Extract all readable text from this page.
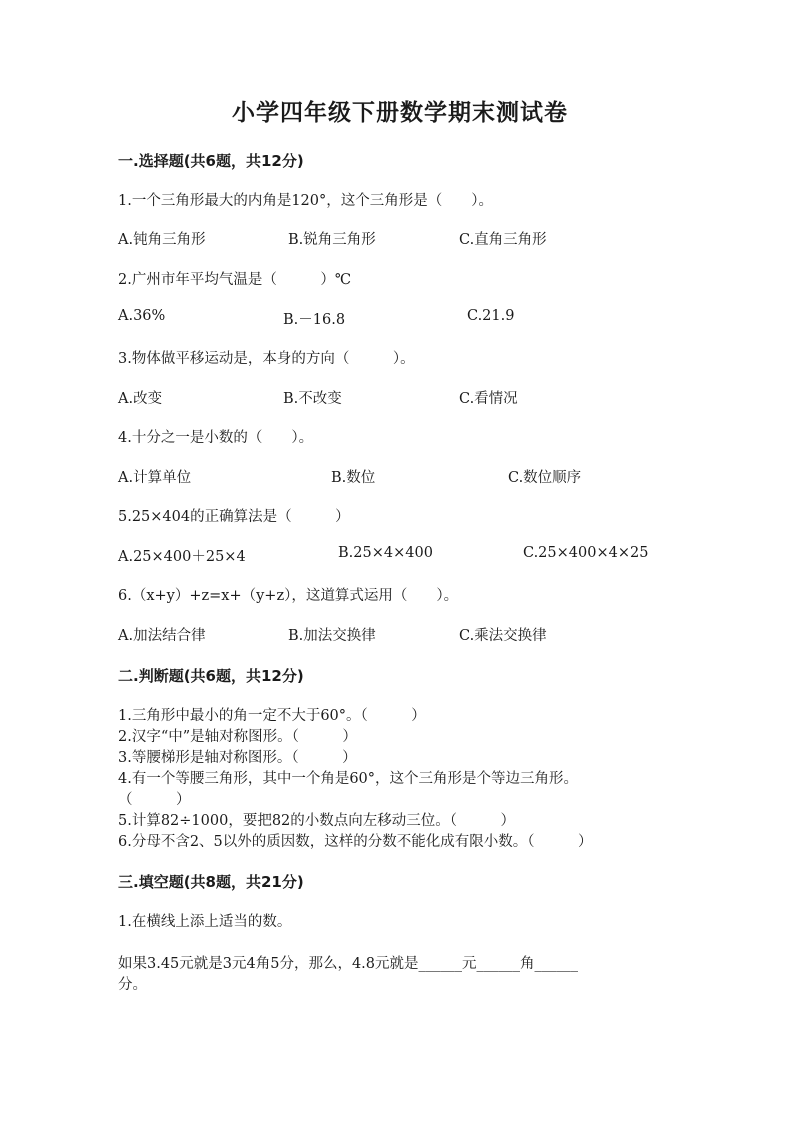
小学四年级下册数学期末测试卷
一.选择题(共6题，共12分)
1.一个三角形最大的内角是120°，这个三角形是（　　）。
A.钝角三角形	B.锐角三角形	C.直角三角形
2.广州市年平均气温是（　　　）℃
A.36%	B.－16.8	C.21.9
3.物体做平移运动是，本身的方向（　　　）。
A.改变	B.不改变	C.看情况
4.十分之一是小数的（　　）。
A.计算单位	B.数位	C.数位顺序
5.25×404的正确算法是（　　　）
A.25×400＋25×4	B.25×4×400	C.25×400×4×25
6.（x+y）+z=x+（y+z），这道算式运用（　　）。
A.加法结合律	B.加法交换律	C.乘法交换律
二.判断题(共6题，共12分)
1.三角形中最小的角一定不大于60°。（　　　）
2.汉字“中”是轴对称图形。（　　　）
3.等腰梯形是轴对称图形。（　　　）
4.有一个等腰三角形，其中一个角是60°，这个三角形是个等边三角形。
（　　　）
5.计算82÷1000，要把82的小数点向左移动三位。（　　　）
6.分母不含2、5以外的质因数，这样的分数不能化成有限小数。（　　　）
三.填空题(共8题，共21分)
1.在横线上添上适当的数。
如果3.45元就是3元4角5分，那么，4.8元就是______元______角______
分。
